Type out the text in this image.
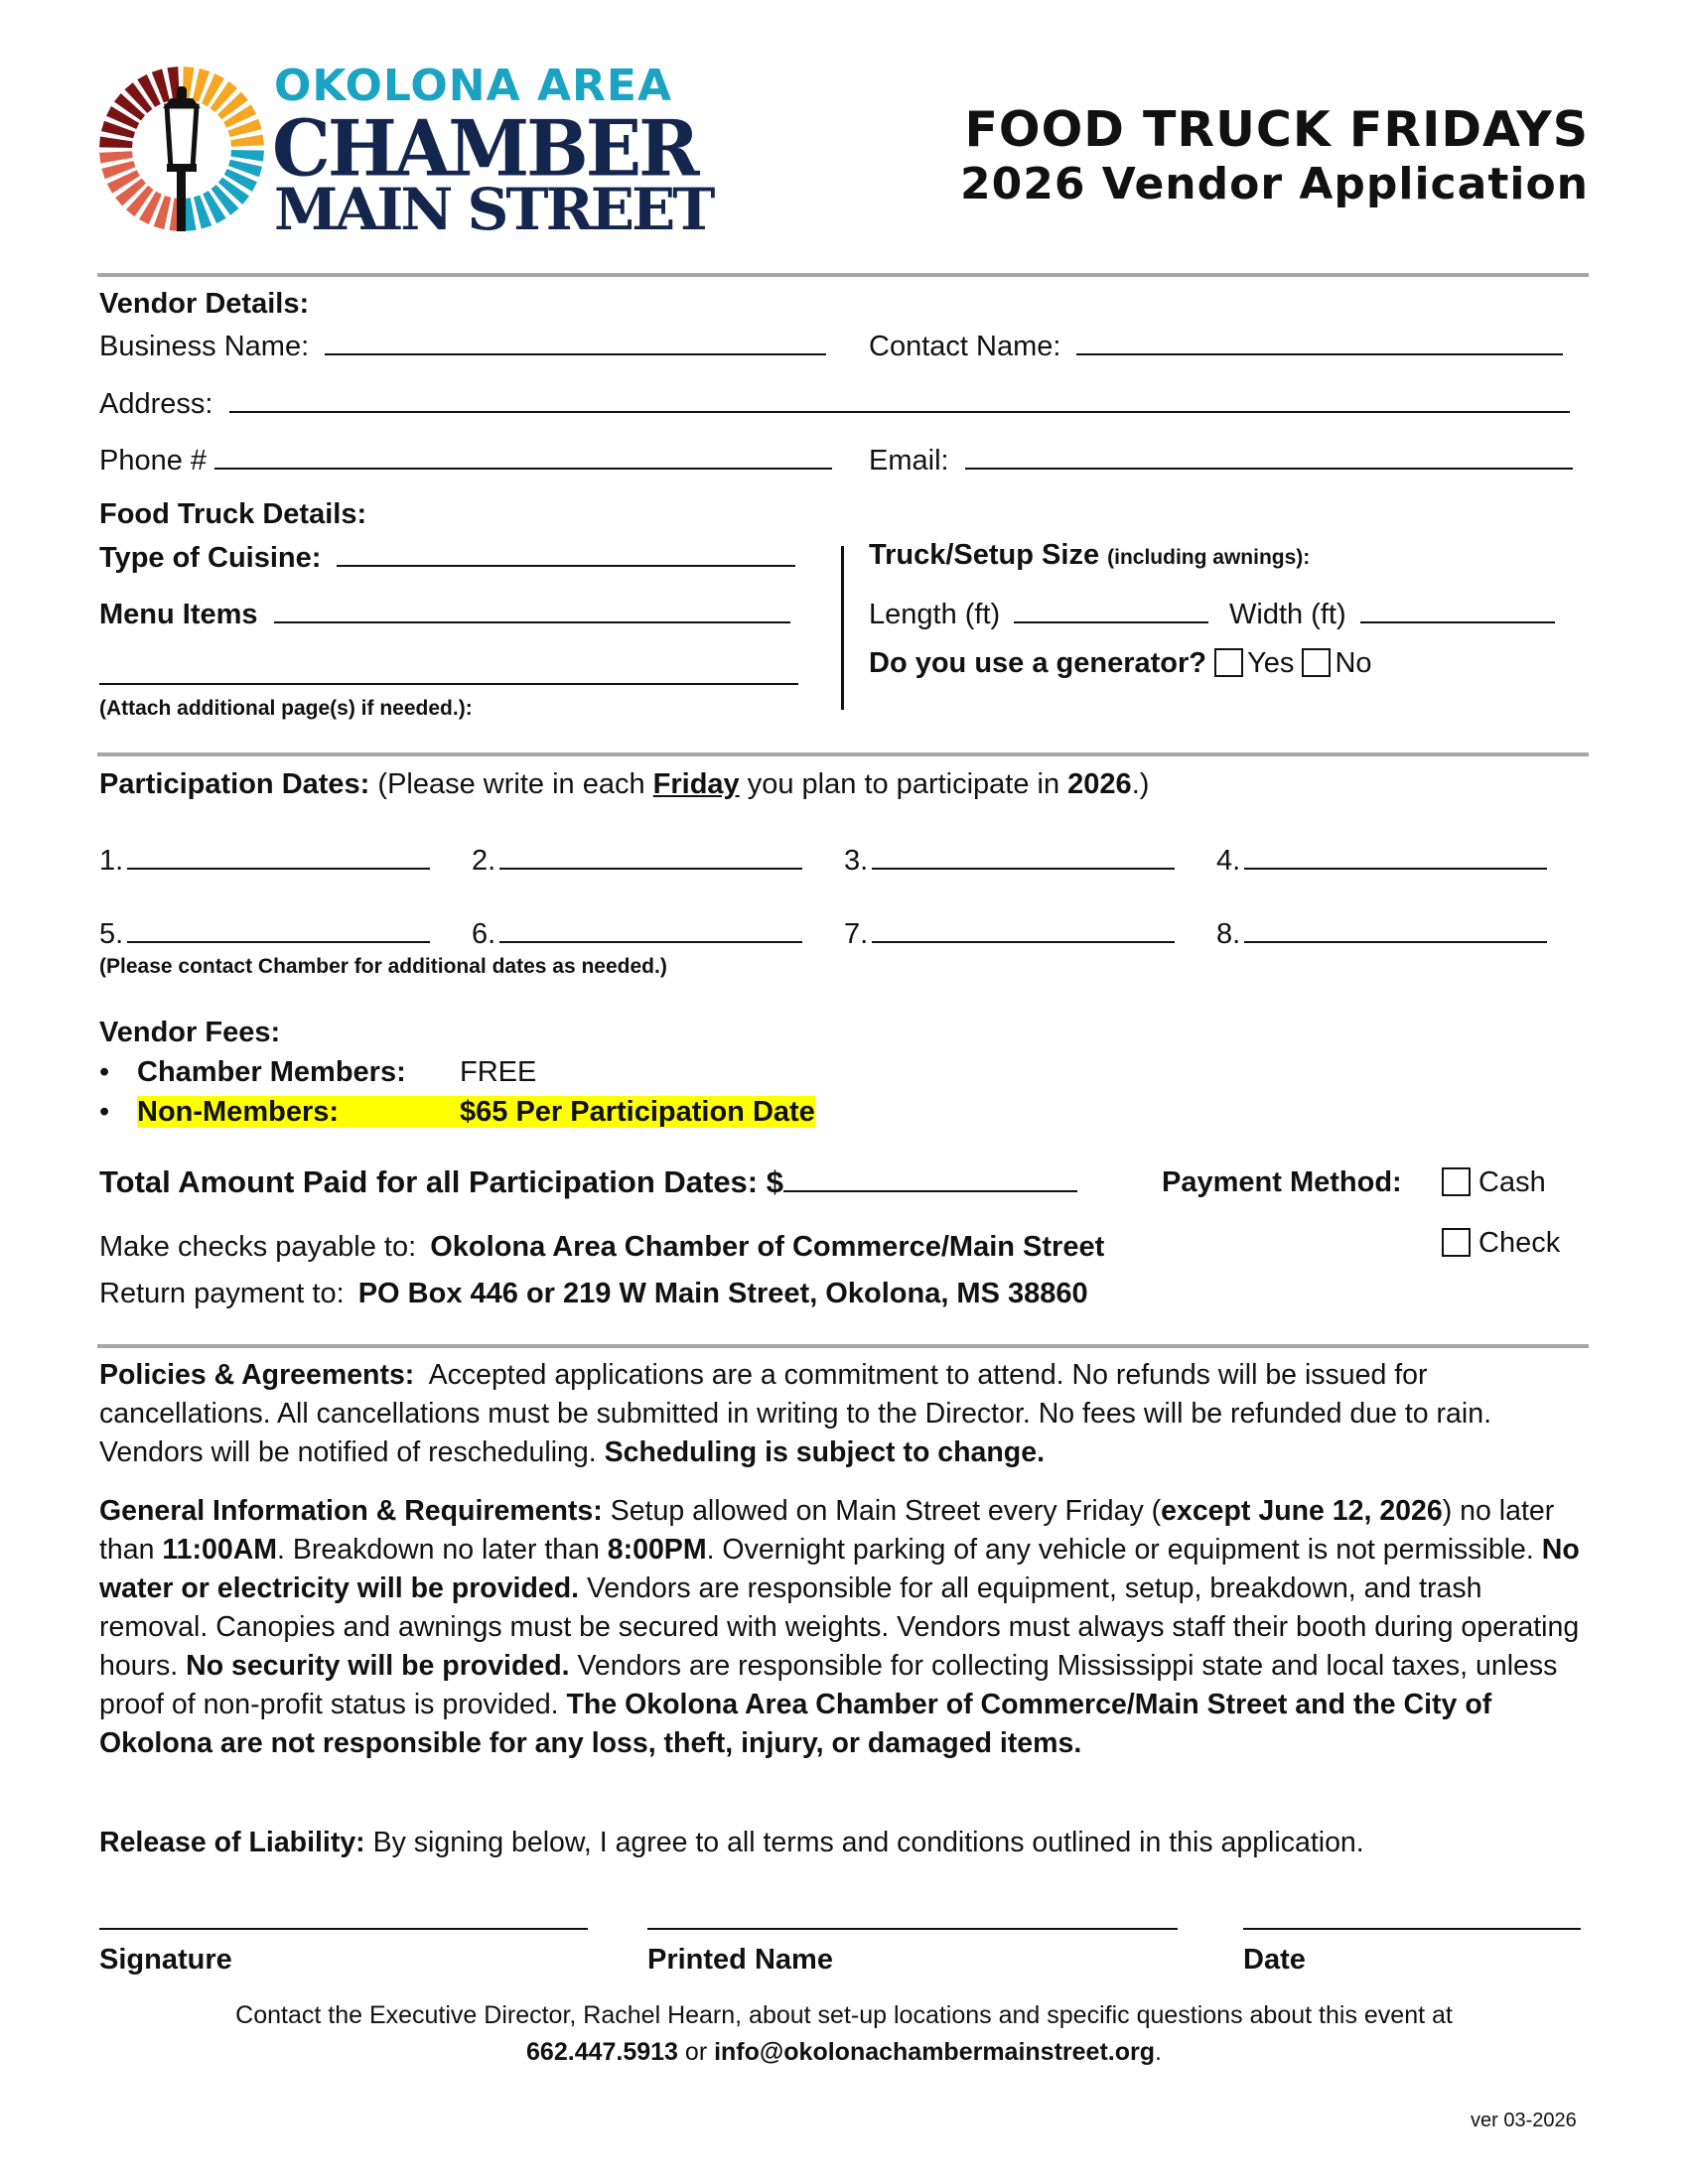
OKOLONA AREA
CHAMBER
MAIN STREET
FOOD TRUCK FRIDAYS
2026 Vendor Application
Vendor Details:
Business Name:	Contact Name:
Address:
Phone #	Email:
Food Truck Details:
Type of Cuisine:
Menu Items
(Attach additional page(s) if needed.):
Truck/Setup Size (including awnings):
Length (ft)	Width (ft)
Do you use a generator? Yes No
Participation Dates: (Please write in each Friday you plan to participate in 2026.)
1.	2.	3.	4.
5.	6.	7.	8.
(Please contact Chamber for additional dates as needed.)
Vendor Fees:
• Chamber Members: FREE
• Non-Members:	$65 Per Participation Date
Total Amount Paid for all Participation Dates: $	Payment Method:	Cash
Check
Make checks payable to: Okolona Area Chamber of Commerce/Main Street
Return payment to: PO Box 446 or 219 W Main Street, Okolona, MS 38860

Policies & Agreements: Accepted applications are a commitment to attend. No refunds will be issued for cancellations. All cancellations must be submitted in writing to the Director. No fees will be refunded due to rain. Vendors will be notified of rescheduling. Scheduling is subject to change.

General Information & Requirements: Setup allowed on Main Street every Friday (except June 12, 2026) no later than 11:00AM. Breakdown no later than 8:00PM. Overnight parking of any vehicle or equipment is not permissible. No water or electricity will be provided. Vendors are responsible for all equipment, setup, breakdown, and trash removal. Canopies and awnings must be secured with weights. Vendors must always staff their booth during operating hours. No security will be provided. Vendors are responsible for collecting Mississippi state and local taxes, unless proof of non-profit status is provided. The Okolona Area Chamber of Commerce/Main Street and the City of Okolona are not responsible for any loss, theft, injury, or damaged items.

Release of Liability: By signing below, I agree to all terms and conditions outlined in this application.

Signature	Printed Name	Date
Contact the Executive Director, Rachel Hearn, about set-up locations and specific questions about this event at
662.447.5913 or info@okolonachambermainstreet.org.
ver 03-2026
